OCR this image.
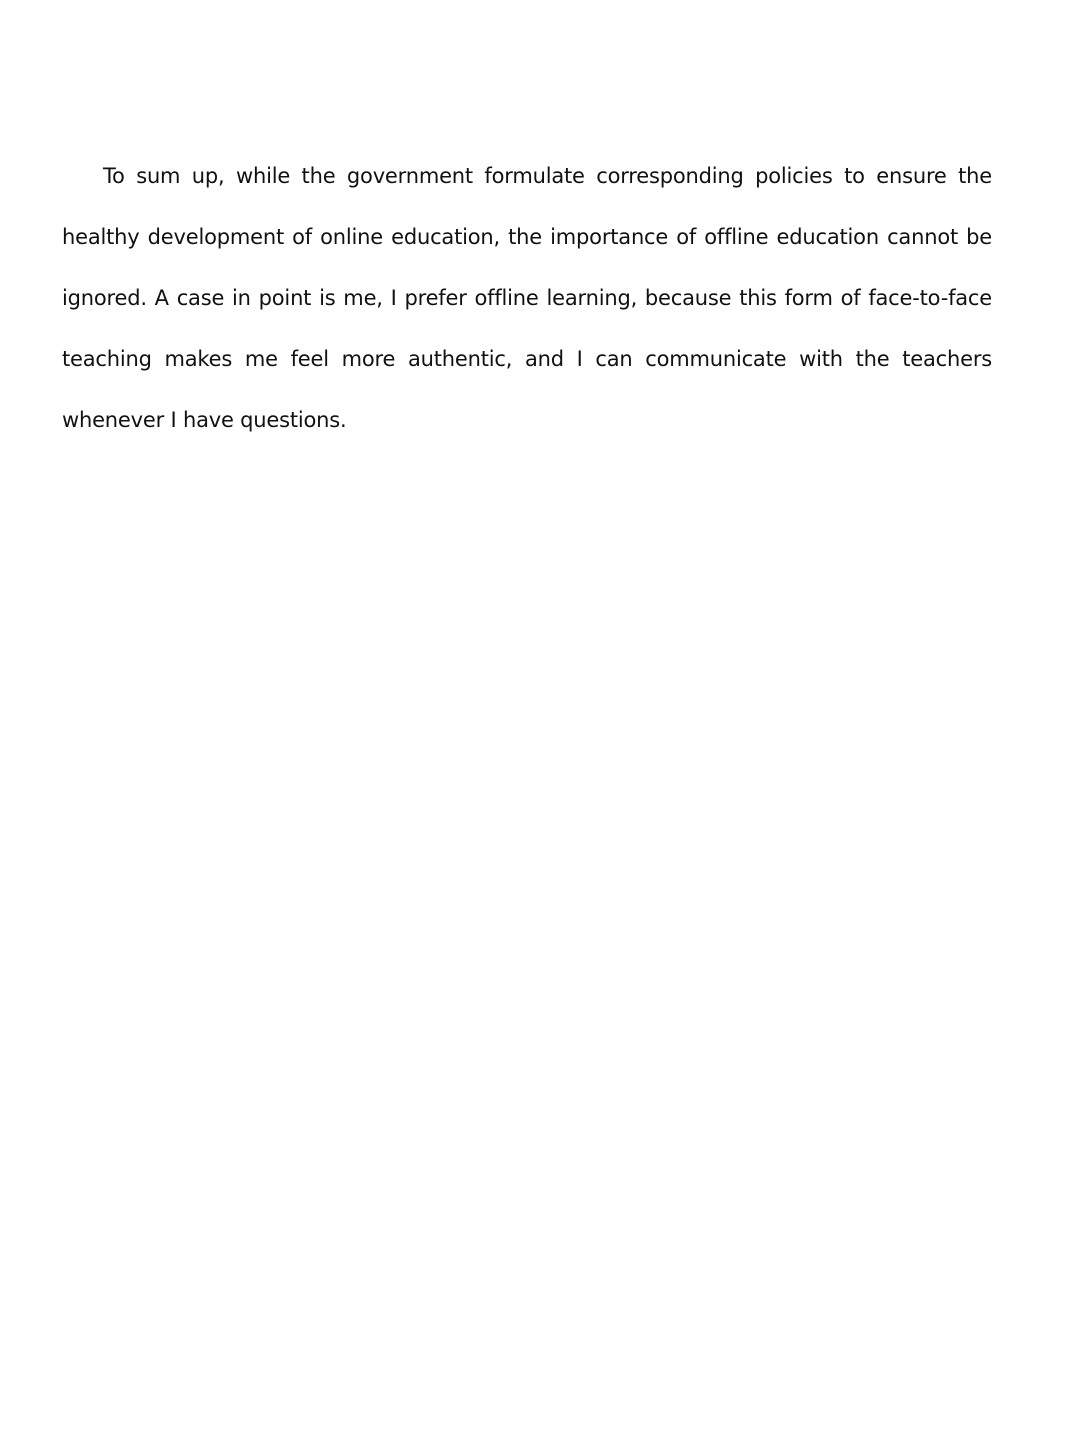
To sum up, while the government formulate corresponding policies to ensure the healthy development of online education, the importance of offline education cannot be ignored. A case in point is me, I prefer offline learning, because this form of face-to-face teaching makes me feel more authentic, and I can communicate with the teachers whenever I have questions.
